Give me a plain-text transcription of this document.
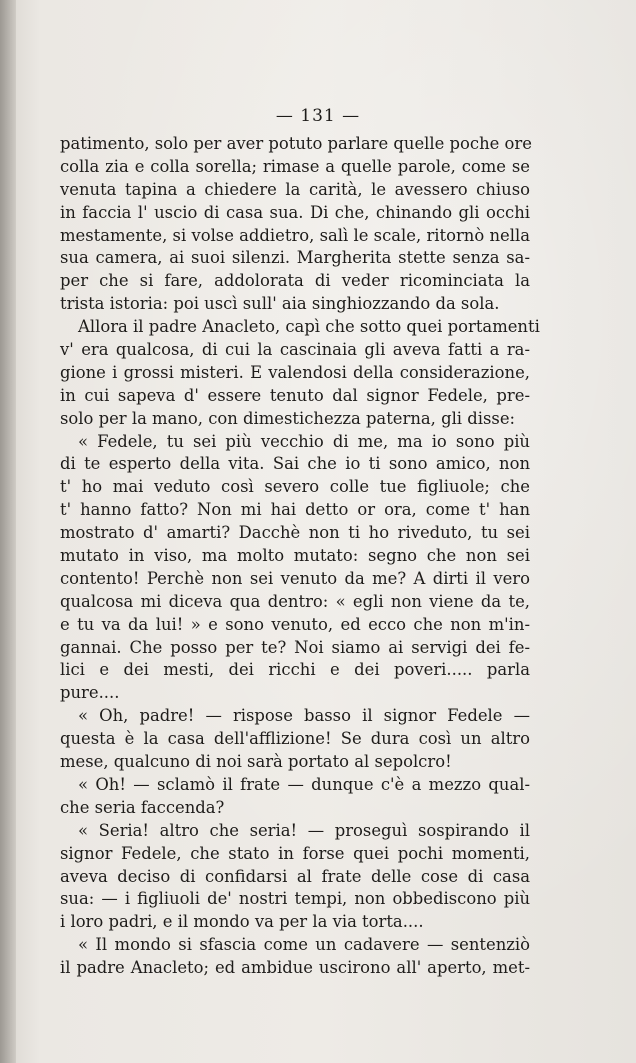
— 131 —
patimento, solo per aver potuto parlare quelle poche ore
colla zia e colla sorella; rimase a quelle parole, come se
venuta tapina a chiedere la carità, le avessero chiuso
in faccia l' uscio di casa sua. Di che, chinando gli occhi
mestamente, si volse addietro, salì le scale, ritornò nella
sua camera, ai suoi silenzi. Margherita stette senza sa-
per che si fare, addolorata di veder ricominciata la
trista istoria: poi uscì sull' aia singhiozzando da sola.
Allora il padre Anacleto, capì che sotto quei portamenti
v' era qualcosa, di cui la cascinaia gli aveva fatti a ra-
gione i grossi misteri. E valendosi della considerazione,
in cui sapeva d' essere tenuto dal signor Fedele, pre-
solo per la mano, con dimestichezza paterna, gli disse:
« Fedele, tu sei più vecchio di me, ma io sono più
di te esperto della vita. Sai che io ti sono amico, non
t' ho mai veduto così severo colle tue figliuole; che
t' hanno fatto? Non mi hai detto or ora, come t' han
mostrato d' amarti? Dacchè non ti ho riveduto, tu sei
mutato in viso, ma molto mutato: segno che non sei
contento! Perchè non sei venuto da me? A dirti il vero
qualcosa mi diceva qua dentro: « egli non viene da te,
e tu va da lui! » e sono venuto, ed ecco che non m'in-
gannai. Che posso per te? Noi siamo ai servigi dei fe-
lici e dei mesti, dei ricchi e dei poveri..... parla
pure....
« Oh, padre! — rispose basso il signor Fedele —
questa è la casa dell'afflizione! Se dura così un altro
mese, qualcuno di noi sarà portato al sepolcro!
« Oh! — sclamò il frate — dunque c'è a mezzo qual-
che seria faccenda?
« Seria! altro che seria! — proseguì sospirando il
signor Fedele, che stato in forse quei pochi momenti,
aveva deciso di confidarsi al frate delle cose di casa
sua: — i figliuoli de' nostri tempi, non obbediscono più
i loro padri, e il mondo va per la via torta....
« Il mondo si sfascia come un cadavere — sentenziò
il padre Anacleto; ed ambidue uscirono all' aperto, met-
